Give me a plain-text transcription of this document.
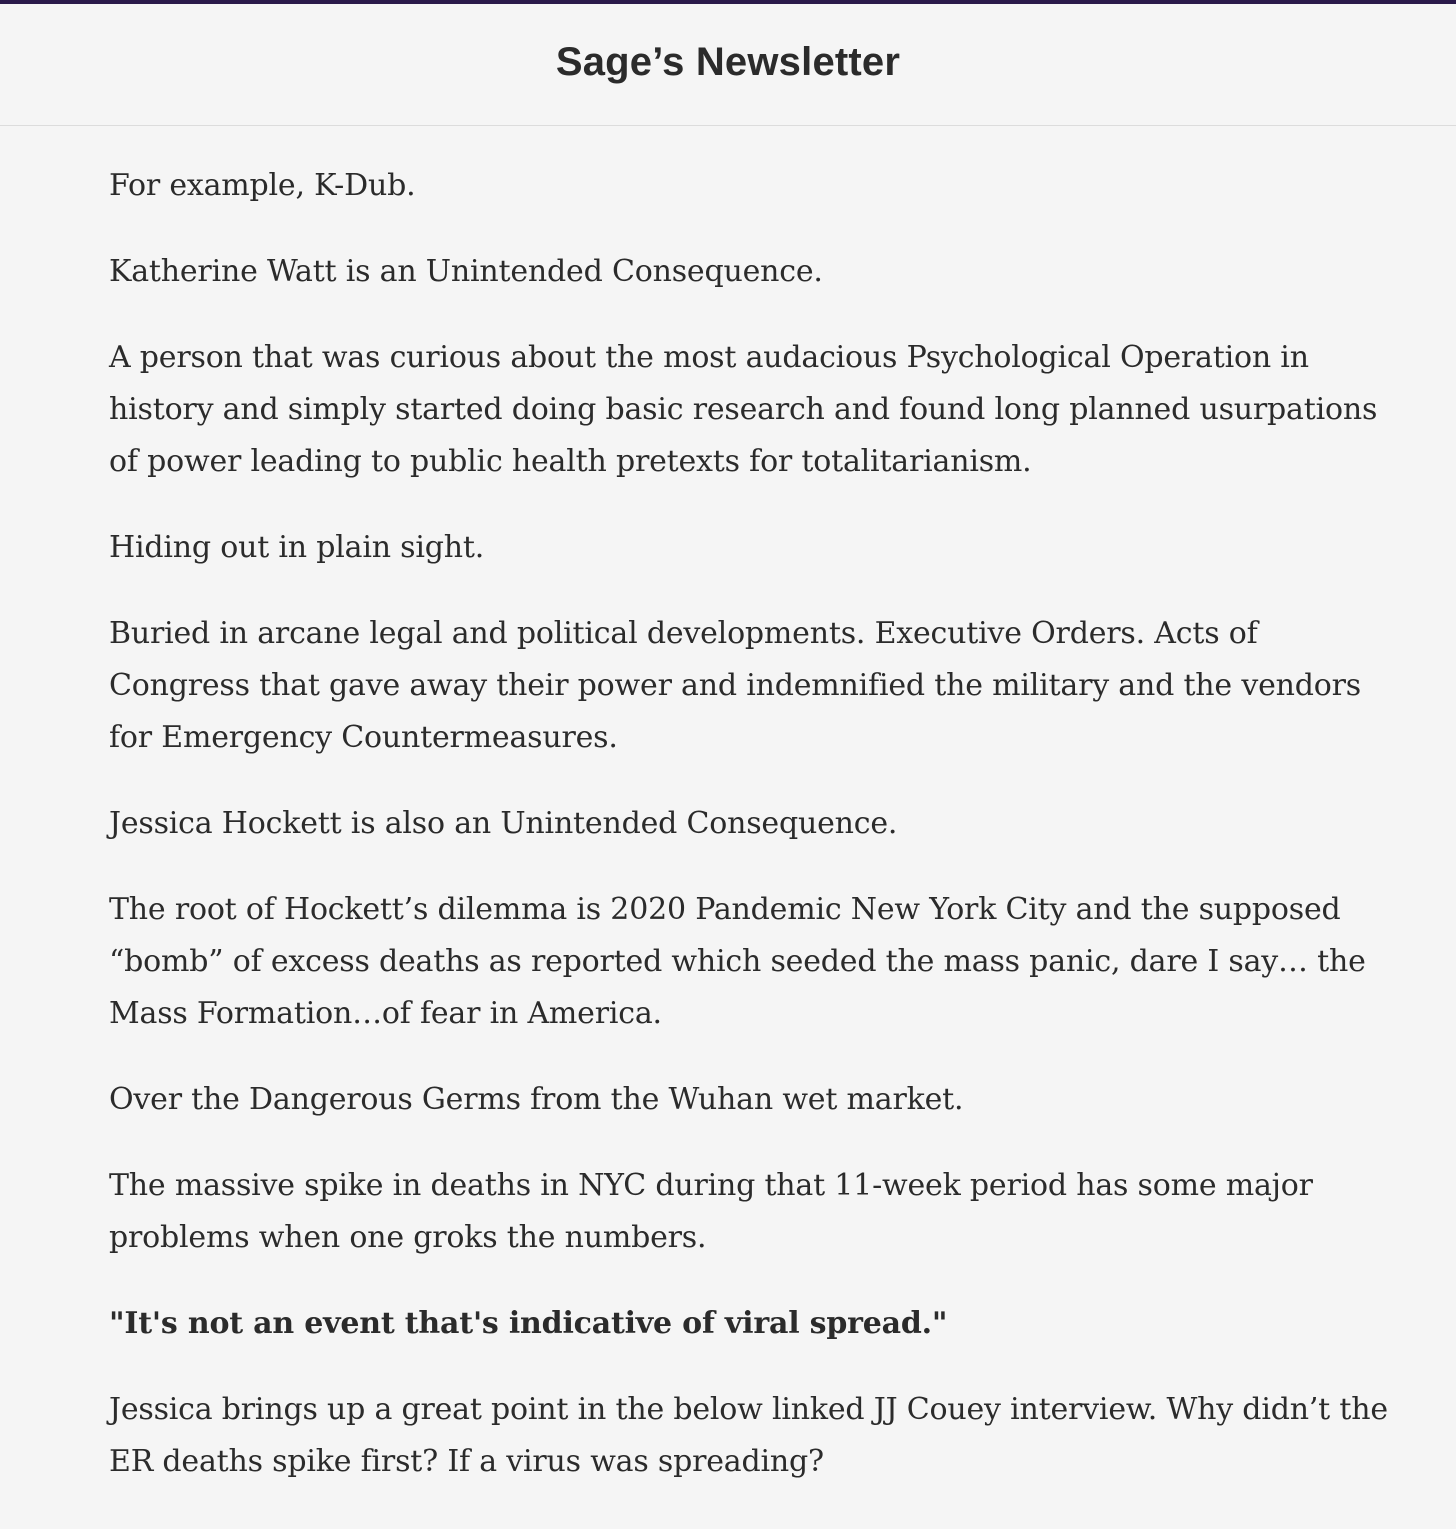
Sage’s Newsletter

For example, K-Dub.

Katherine Watt is an Unintended Consequence.

A person that was curious about the most audacious Psychological Operation in history and simply started doing basic research and found long planned usurpations of power leading to public health pretexts for totalitarianism.

Hiding out in plain sight.

Buried in arcane legal and political developments. Executive Orders. Acts of Congress that gave away their power and indemnified the military and the vendors for Emergency Countermeasures.

Jessica Hockett is also an Unintended Consequence.

The root of Hockett’s dilemma is 2020 Pandemic New York City and the supposed “bomb” of excess deaths as reported which seeded the mass panic, dare I say… the Mass Formation…of fear in America.

Over the Dangerous Germs from the Wuhan wet market.

The massive spike in deaths in NYC during that 11-week period has some major problems when one groks the numbers.

"It's not an event that's indicative of viral spread."

Jessica brings up a great point in the below linked JJ Couey interview. Why didn’t the ER deaths spike first? If a virus was spreading?
